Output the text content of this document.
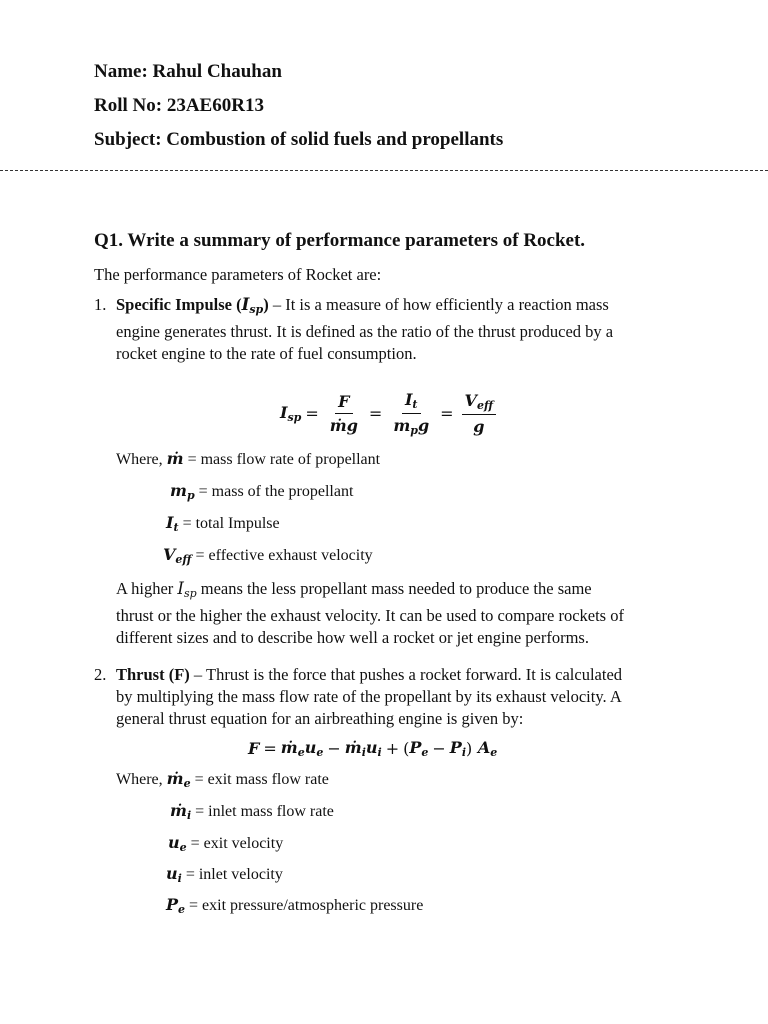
Name: Rahul Chauhan
Roll No: 23AE60R13
Subject: Combustion of solid fuels and propellants
Q1. Write a summary of performance parameters of Rocket.
The performance parameters of Rocket are:
1. Specific Impulse $(I_{sp})$ – It is a measure of how efficiently a reaction mass
engine generates thrust. It is defined as the ratio of the thrust produced by a
rocket engine to the rate of fuel consumption.
$I_{sp} = \frac{F}{\text{ṁg}} = \frac{I_t}{m_pg} = \frac{V_{eff}}{g}$
Where, ṁ = mass flow rate of propellant
$m_p$ = mass of the propellant
$I_t$ = total Impulse
$V_{eff}$ = effective exhaust velocity
A higher $I_{sp}$ means the less propellant mass needed to produce the same
thrust or the higher the exhaust velocity. It can be used to compare rockets of
different sizes and to describe how well a rocket or jet engine performs.
2. Thrust (F) – Thrust is the force that pushes a rocket forward. It is calculated
by multiplying the mass flow rate of the propellant by its exhaust velocity. A
general thrust equation for an airbreathing engine is given by:
$F = ṁ_eu_e$ − $ṁ_iu_i$ + ( $P_e - P_i$ )
$A_e$
Where, ṁ$_e$ = exit mass flow rate
ṁ$_i$ = inlet mass flow rate
$u_e$ = exit velocity
$u_i$ = inlet velocity
$P_e$ = exit pressure/atmospheric pressure
